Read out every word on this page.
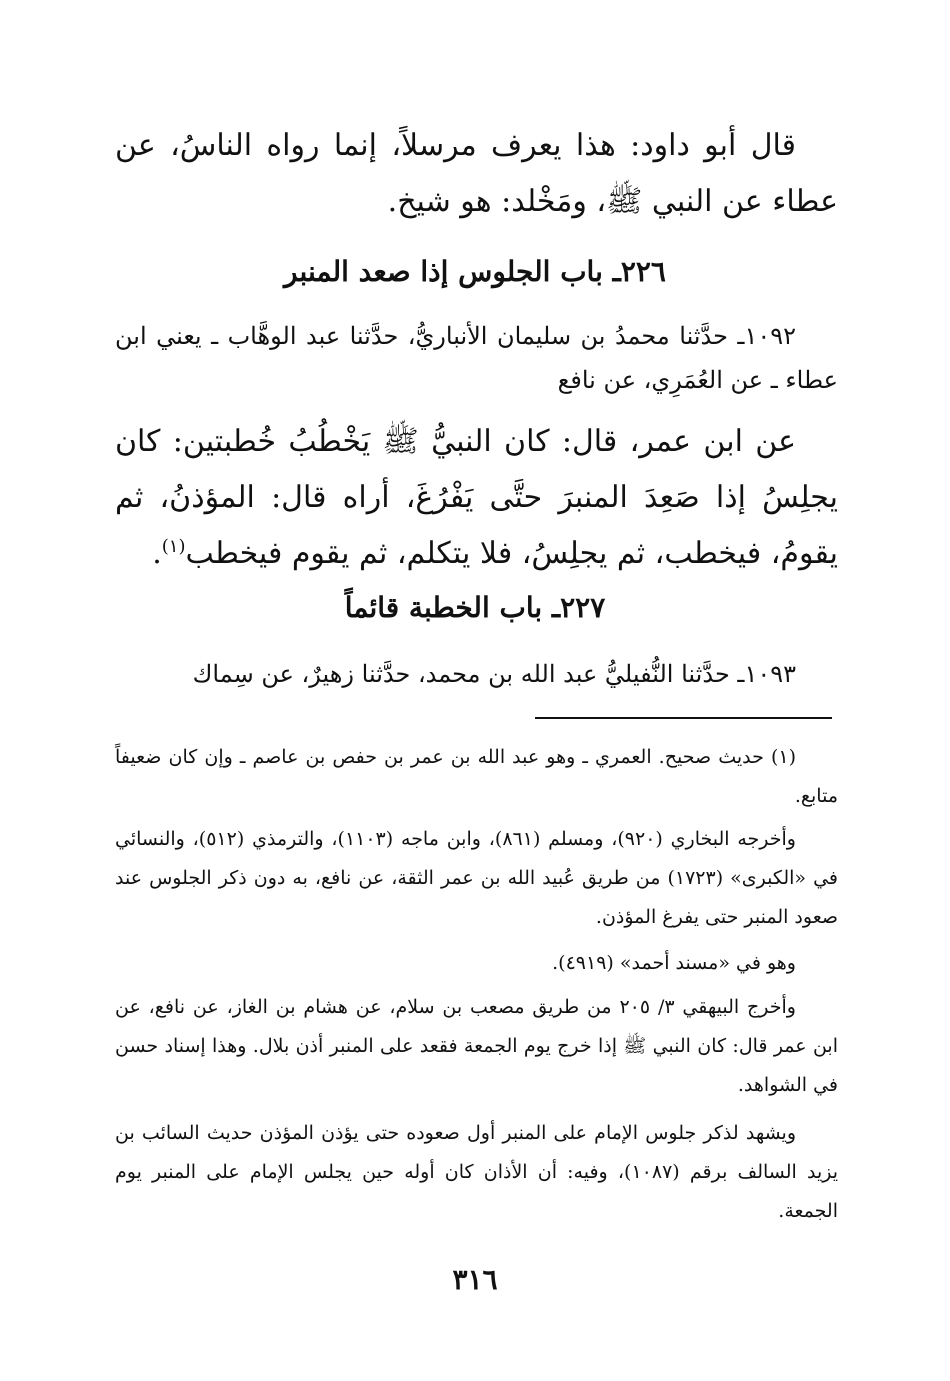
قال أبو داود: هذا يعرف مرسلاً، إنما رواه الناسُ، عن عطاء عن النبي ﷺ، ومَخْلد: هو شيخ.

٢٢٦ـ باب الجلوس إذا صعد المنبر

١٠٩٢ـ حدَّثنا محمدُ بن سليمان الأنباريُّ، حدَّثنا عبد الوهَّاب ـ يعني ابن عطاء ـ عن العُمَرِي، عن نافع

عن ابن عمر، قال: كان النبيُّ ﷺ يَخْطُبُ خُطبتين: كان يجلِسُ إذا صَعِدَ المنبرَ حتَّى يَفْرُغَ، أراه قال: المؤذنُ، ثم يقومُ، فيخطب، ثم يجلِسُ، فلا يتكلم، ثم يقوم فيخطب$^{(١)}$.

٢٢٧ـ باب الخطبة قائماً

١٠٩٣ـ حدَّثنا النُّفيليُّ عبد الله بن محمد، حدَّثنا زهيرٌ، عن سِماك

(١) حديث صحيح. العمري ـ وهو عبد الله بن عمر بن حفص بن عاصم ـ وإن كان ضعيفاً متابع.

وأخرجه البخاري (٩٢٠)، ومسلم (٨٦١)، وابن ماجه (١١٠٣)، والترمذي (٥١٢)، والنسائي في «الكبرى» (١٧٢٣) من طريق عُبيد الله بن عمر الثقة، عن نافع، به دون ذكر الجلوس عند صعود المنبر حتى يفرغ المؤذن.

وهو في «مسند أحمد» (٤٩١٩).

وأخرج البيهقي ٣/ ٢٠٥ من طريق مصعب بن سلام، عن هشام بن الغاز، عن نافع، عن ابن عمر قال: كان النبي ﷺ إذا خرج يوم الجمعة فقعد على المنبر أذن بلال. وهذا إسناد حسن في الشواهد.

ويشهد لذكر جلوس الإمام على المنبر أول صعوده حتى يؤذن المؤذن حديث السائب بن يزيد السالف برقم (١٠٨٧)، وفيه: أن الأذان كان أوله حين يجلس الإمام على المنبر يوم الجمعة.

٣١٦
